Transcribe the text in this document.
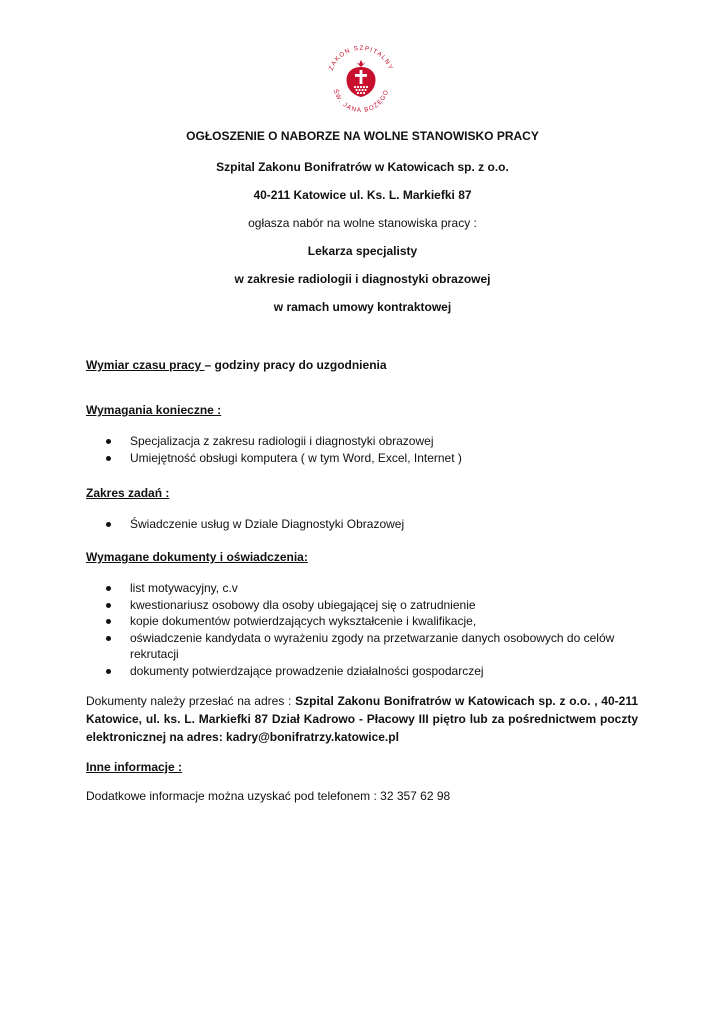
ZAKON SZPITALNY
ŚW. JANA BOŻEGO
OGŁOSZENIE O NABORZE NA WOLNE STANOWISKO PRACY
Szpital Zakonu Bonifratrów w Katowicach sp. z o.o.
40-211 Katowice ul. Ks. L. Markiefki 87
ogłasza nabór na wolne stanowiska pracy :
Lekarza specjalisty
w zakresie radiologii i diagnostyki obrazowej
w ramach umowy kontraktowej
Wymiar czasu pracy – godziny pracy do uzgodnienia
Wymagania konieczne :
Specjalizacja z zakresu radiologii i diagnostyki obrazowej
Umiejętność obsługi komputera ( w tym Word, Excel, Internet )
Zakres zadań :
Świadczenie usług w Dziale Diagnostyki Obrazowej
Wymagane dokumenty i oświadczenia:
list motywacyjny, c.v
kwestionariusz osobowy dla osoby ubiegającej się o zatrudnienie
kopie dokumentów potwierdzających wykształcenie i kwalifikacje,
oświadczenie kandydata o wyrażeniu zgody na przetwarzanie danych osobowych do celów rekrutacji
dokumenty potwierdzające prowadzenie działalności gospodarczej
Dokumenty należy przesłać na adres : Szpital Zakonu Bonifratrów w Katowicach sp. z o.o. , 40-211 Katowice, ul. ks. L. Markiefki 87 Dział Kadrowo - Płacowy III piętro lub za pośrednictwem poczty elektronicznej na adres: kadry@bonifratrzy.katowice.pl
Inne informacje :
Dodatkowe informacje można uzyskać pod telefonem : 32 357 62 98
